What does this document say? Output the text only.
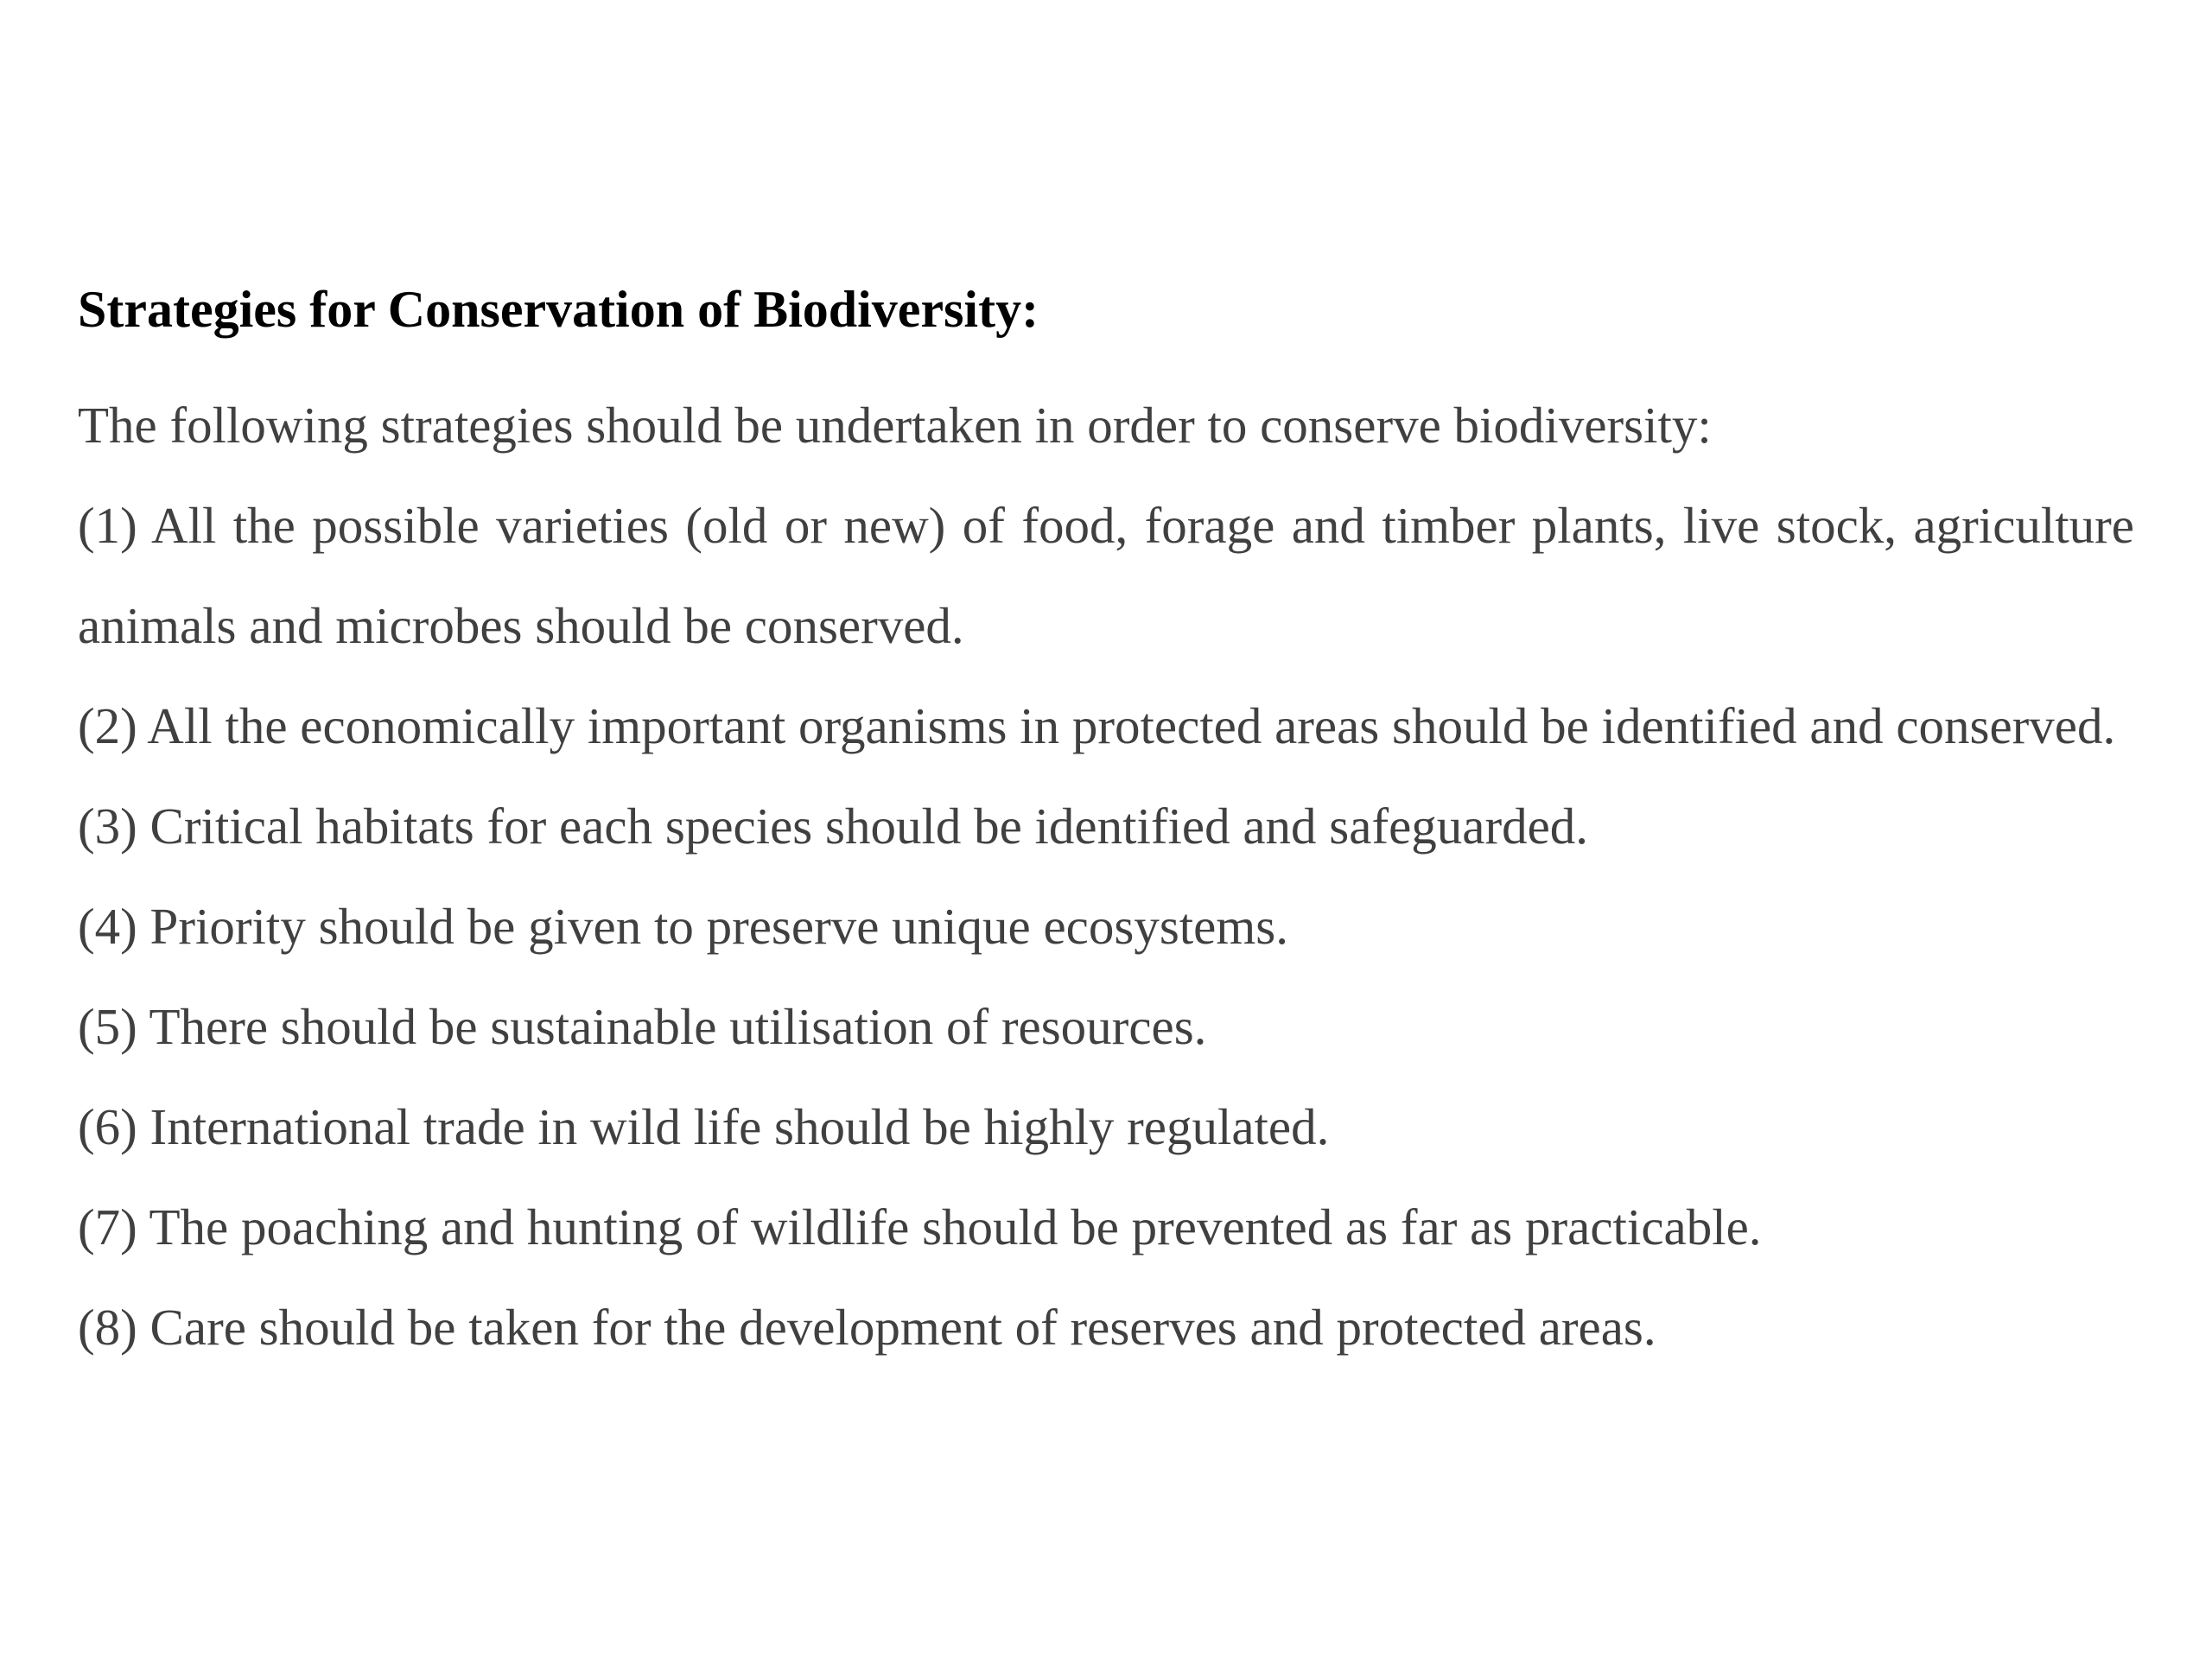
Strategies for Conservation of Biodiversity:

The following strategies should be undertaken in order to conserve biodiversity:

(1) All the possible varieties (old or new) of food, forage and timber plants, live stock, agriculture animals and microbes should be conserved.

(2) All the economically important organisms in protected areas should be identified and conserved.

(3) Critical habitats for each species should be identified and safeguarded.

(4) Priority should be given to preserve unique ecosystems.

(5) There should be sustainable utilisation of resources.

(6) International trade in wild life should be highly regulated.

(7) The poaching and hunting of wildlife should be prevented as far as practicable.

(8) Care should be taken for the development of reserves and protected areas.
